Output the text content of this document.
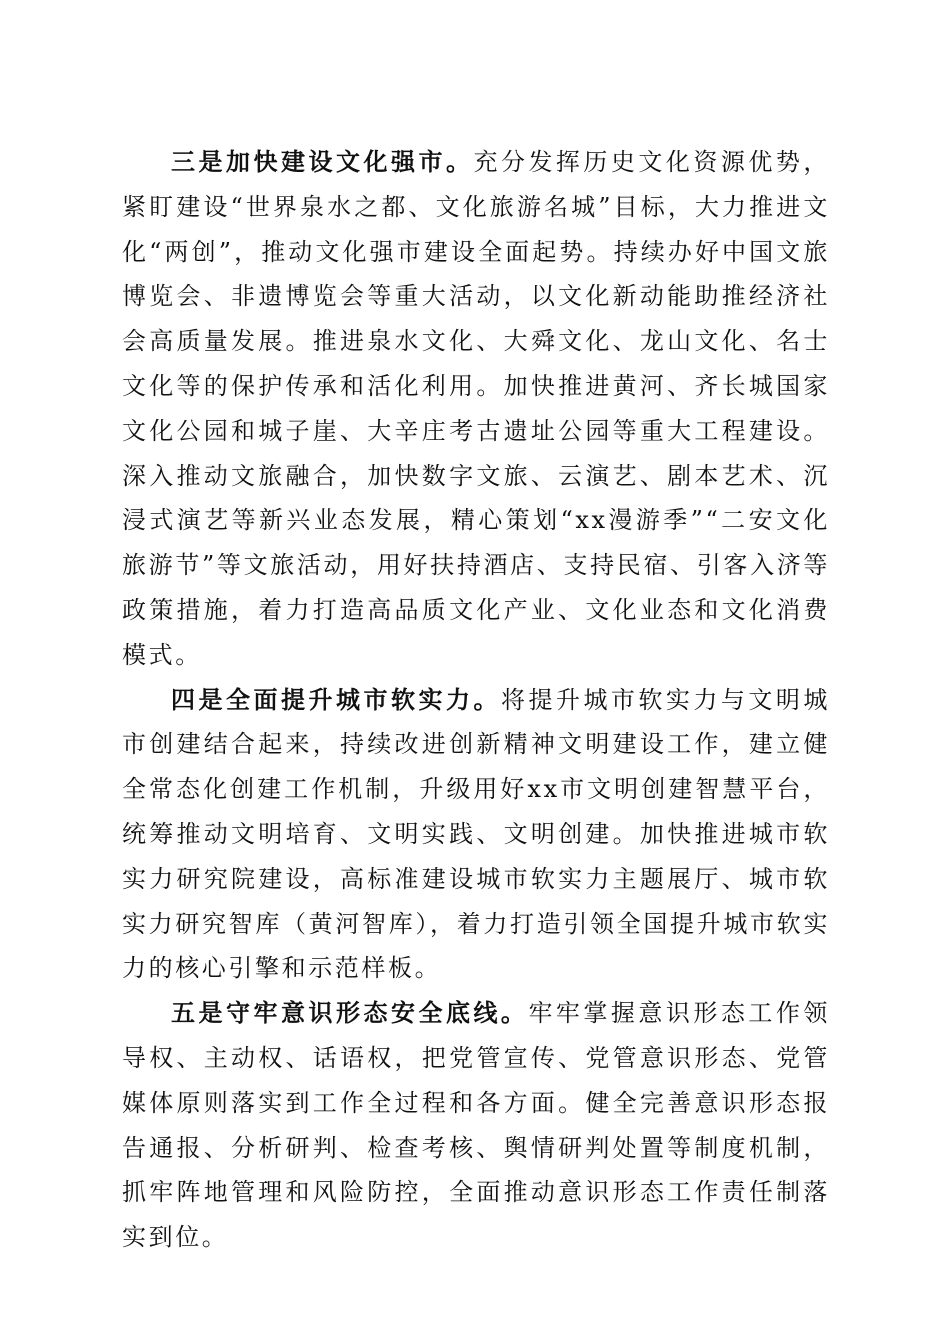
三是加快建设文化强市。充分发挥历史文化资源优势，紧盯建设“世界泉水之都、文化旅游名城”目标，大力推进文化“两创”，推动文化强市建设全面起势。持续办好中国文旅博览会、非遗博览会等重大活动，以文化新动能助推经济社会高质量发展。推进泉水文化、大舜文化、龙山文化、名士文化等的保护传承和活化利用。加快推进黄河、齐长城国家文化公园和城子崖、大辛庄考古遗址公园等重大工程建设。深入推动文旅融合，加快数字文旅、云演艺、剧本艺术、沉浸式演艺等新兴业态发展，精心策划“xx漫游季”“二安文化旅游节”等文旅活动，用好扶持酒店、支持民宿、引客入济等政策措施，着力打造高品质文化产业、文化业态和文化消费模式。

四是全面提升城市软实力。将提升城市软实力与文明城市创建结合起来，持续改进创新精神文明建设工作，建立健全常态化创建工作机制，升级用好xx市文明创建智慧平台，统筹推动文明培育、文明实践、文明创建。加快推进城市软实力研究院建设，高标准建设城市软实力主题展厅、城市软实力研究智库（黄河智库），着力打造引领全国提升城市软实力的核心引擎和示范样板。

五是守牢意识形态安全底线。牢牢掌握意识形态工作领导权、主动权、话语权，把党管宣传、党管意识形态、党管媒体原则落实到工作全过程和各方面。健全完善意识形态报告通报、分析研判、检查考核、舆情研判处置等制度机制，抓牢阵地管理和风险防控，全面推动意识形态工作责任制落实到位。
